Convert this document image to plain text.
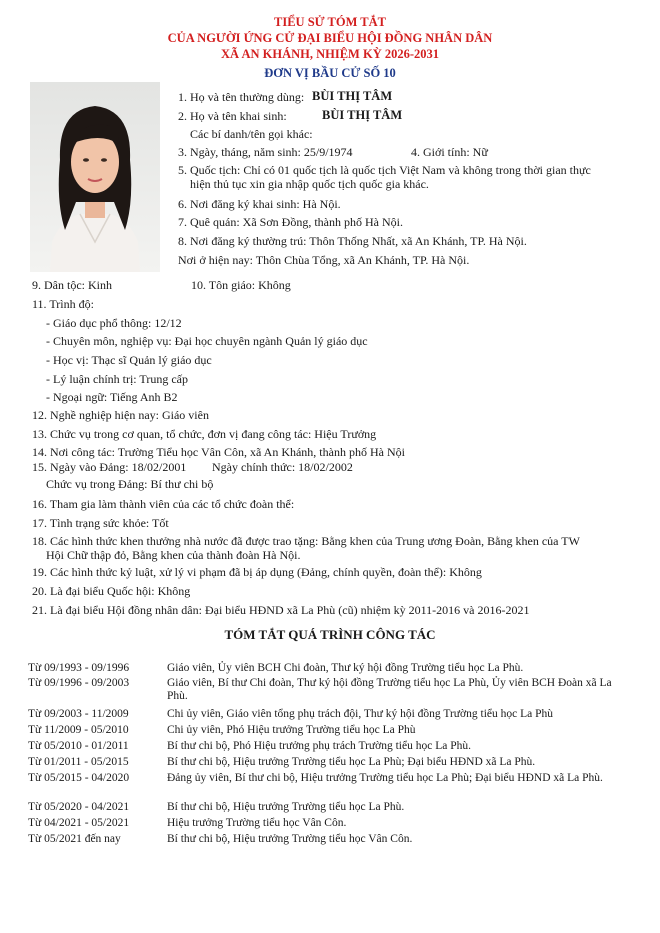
TIỂU SỬ TÓM TẮT
CỦA NGƯỜI ỨNG CỬ ĐẠI BIỂU HỘI ĐỒNG NHÂN DÂN
XÃ AN KHÁNH, NHIỆM KỲ 2026-2031
ĐƠN VỊ BẦU CỬ SỐ 10
1. Họ và tên thường dùng: BÙI THỊ TÂM
2. Họ và tên khai sinh:	BÙI THỊ TÂM
Các bí danh/tên gọi khác:
3. Ngày, tháng, năm sinh: 25/9/1974	4. Giới tính: Nữ
5. Quốc tịch: Chỉ có 01 quốc tịch là quốc tịch Việt Nam và không trong thời gian thực
hiện thủ tục xin gia nhập quốc tịch quốc gia khác.
6. Nơi đăng ký khai sinh: Hà Nội.
7. Quê quán: Xã Sơn Đồng, thành phố Hà Nội.
8. Nơi đăng ký thường trú: Thôn Thống Nhất, xã An Khánh, TP. Hà Nội.
Nơi ở hiện nay: Thôn Chùa Tổng, xã An Khánh, TP. Hà Nội.
9. Dân tộc: Kinh	10. Tôn giáo: Không
11. Trình độ:
- Giáo dục phổ thông: 12/12
- Chuyên môn, nghiệp vụ: Đại học chuyên ngành Quản lý giáo dục
- Học vị: Thạc sĩ Quản lý giáo dục
- Lý luận chính trị: Trung cấp
- Ngoại ngữ: Tiếng Anh B2
12. Nghề nghiệp hiện nay: Giáo viên
13. Chức vụ trong cơ quan, tổ chức, đơn vị đang công tác: Hiệu Trưởng
14. Nơi công tác: Trường Tiểu học Vân Côn, xã An Khánh, thành phố Hà Nội
15. Ngày vào Đảng: 18/02/2001 Ngày chính thức: 18/02/2002
Chức vụ trong Đảng: Bí thư chi bộ
16. Tham gia làm thành viên của các tổ chức đoàn thể:
17. Tình trạng sức khỏe: Tốt
18. Các hình thức khen thưởng nhà nước đã được trao tặng: Bằng khen của Trung ương Đoàn, Bằng khen của TW
Hội Chữ thập đỏ, Bằng khen của thành đoàn Hà Nội.
19. Các hình thức kỷ luật, xử lý vi phạm đã bị áp dụng (Đảng, chính quyền, đoàn thể): Không
20. Là đại biểu Quốc hội: Không
21. Là đại biểu Hội đồng nhân dân: Đại biểu HĐND xã La Phù (cũ) nhiệm kỳ 2011-2016 và 2016-2021
TÓM TẮT QUÁ TRÌNH CÔNG TÁC
Từ 09/1993 - 09/1996	Giáo viên, Ủy viên BCH Chi đoàn, Thư ký hội đồng Trường tiểu học La Phù.
Từ 09/1996 - 09/2003	Giáo viên, Bí thư Chi đoàn, Thư ký hội đồng Trường tiểu học La Phù, Ủy viên BCH Đoàn xã La Phù.
Từ 09/2003 - 11/2009	Chi ủy viên, Giáo viên tổng phụ trách đội, Thư ký hội đồng Trường tiểu học La Phù
Từ 11/2009 - 05/2010	Chi ủy viên, Phó Hiệu trưởng Trường tiểu học La Phù
Từ 05/2010 - 01/2011	Bí thư chi bộ, Phó Hiệu trưởng phụ trách Trường tiểu học La Phù.
Từ 01/2011 - 05/2015	Bí thư chi bộ, Hiệu trưởng Trường tiểu học La Phù; Đại biểu HĐND xã La Phù.
Từ 05/2015 - 04/2020	Đảng ủy viên, Bí thư chi bộ, Hiệu trưởng Trường tiểu học La Phù; Đại biểu HĐND xã La Phù.
Từ 05/2020 - 04/2021	Bí thư chi bộ, Hiệu trưởng Trường tiểu học La Phù.
Từ 04/2021 - 05/2021	Hiệu trưởng Trường tiểu học Vân Côn.
Từ 05/2021 đến nay	Bí thư chi bộ, Hiệu trưởng Trường tiểu học Vân Côn.
